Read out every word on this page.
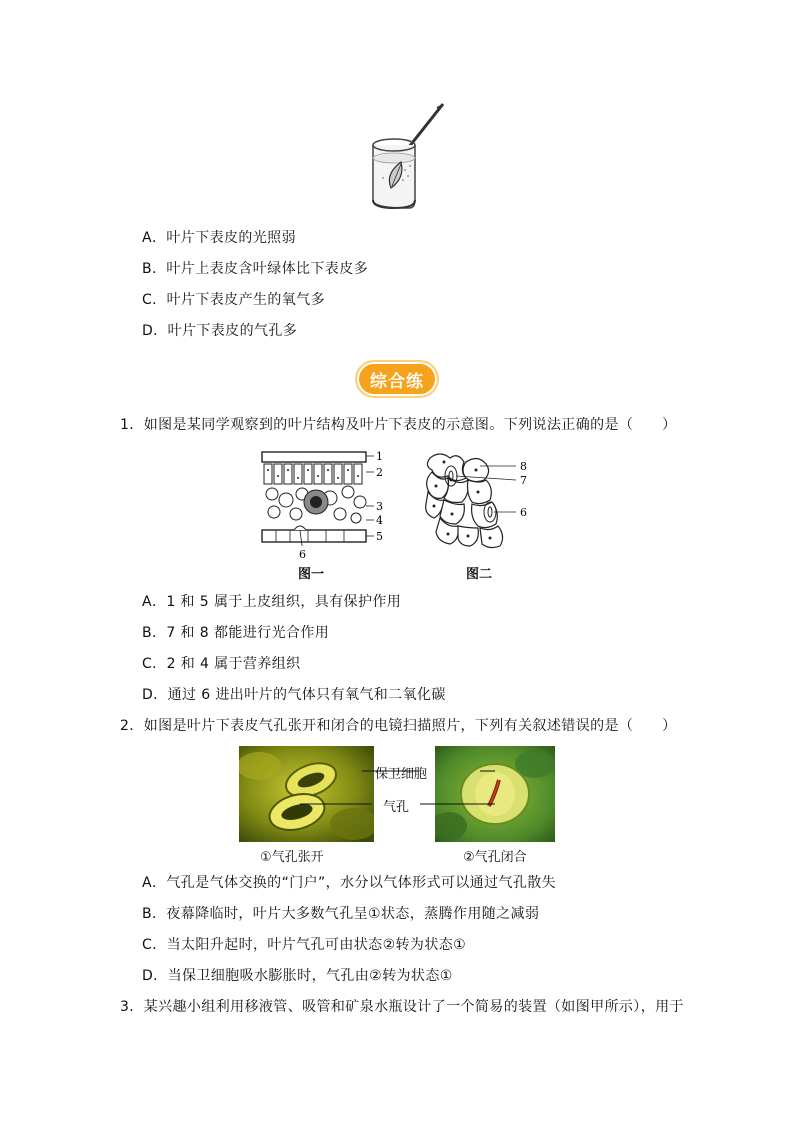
A．叶片下表皮的光照弱
B．叶片上表皮含叶绿体比下表皮多
C．叶片下表皮产生的氧气多
D．叶片下表皮的气孔多
综合练
1．如图是某同学观察到的叶片结构及叶片下表皮的示意图。下列说法正确的是（　　）
1
2
3
4
5
6
8
7
6
图一	图二
A．1 和 5 属于上皮组织，具有保护作用
B．7 和 8 都能进行光合作用
C．2 和 4 属于营养组织
D．通过 6 进出叶片的气体只有氧气和二氧化碳
2．如图是叶片下表皮气孔张开和闭合的电镜扫描照片，下列有关叙述错误的是（　　）
保卫细胞
气孔
①气孔张开	②气孔闭合
A．气孔是气体交换的“门户”，水分以气体形式可以通过气孔散失
B．夜幕降临时，叶片大多数气孔呈①状态，蒸腾作用随之减弱
C．当太阳升起时，叶片气孔可由状态②转为状态①
D．当保卫细胞吸水膨胀时，气孔由②转为状态①
3．某兴趣小组利用移液管、吸管和矿泉水瓶设计了一个简易的装置（如图甲所示），用于
